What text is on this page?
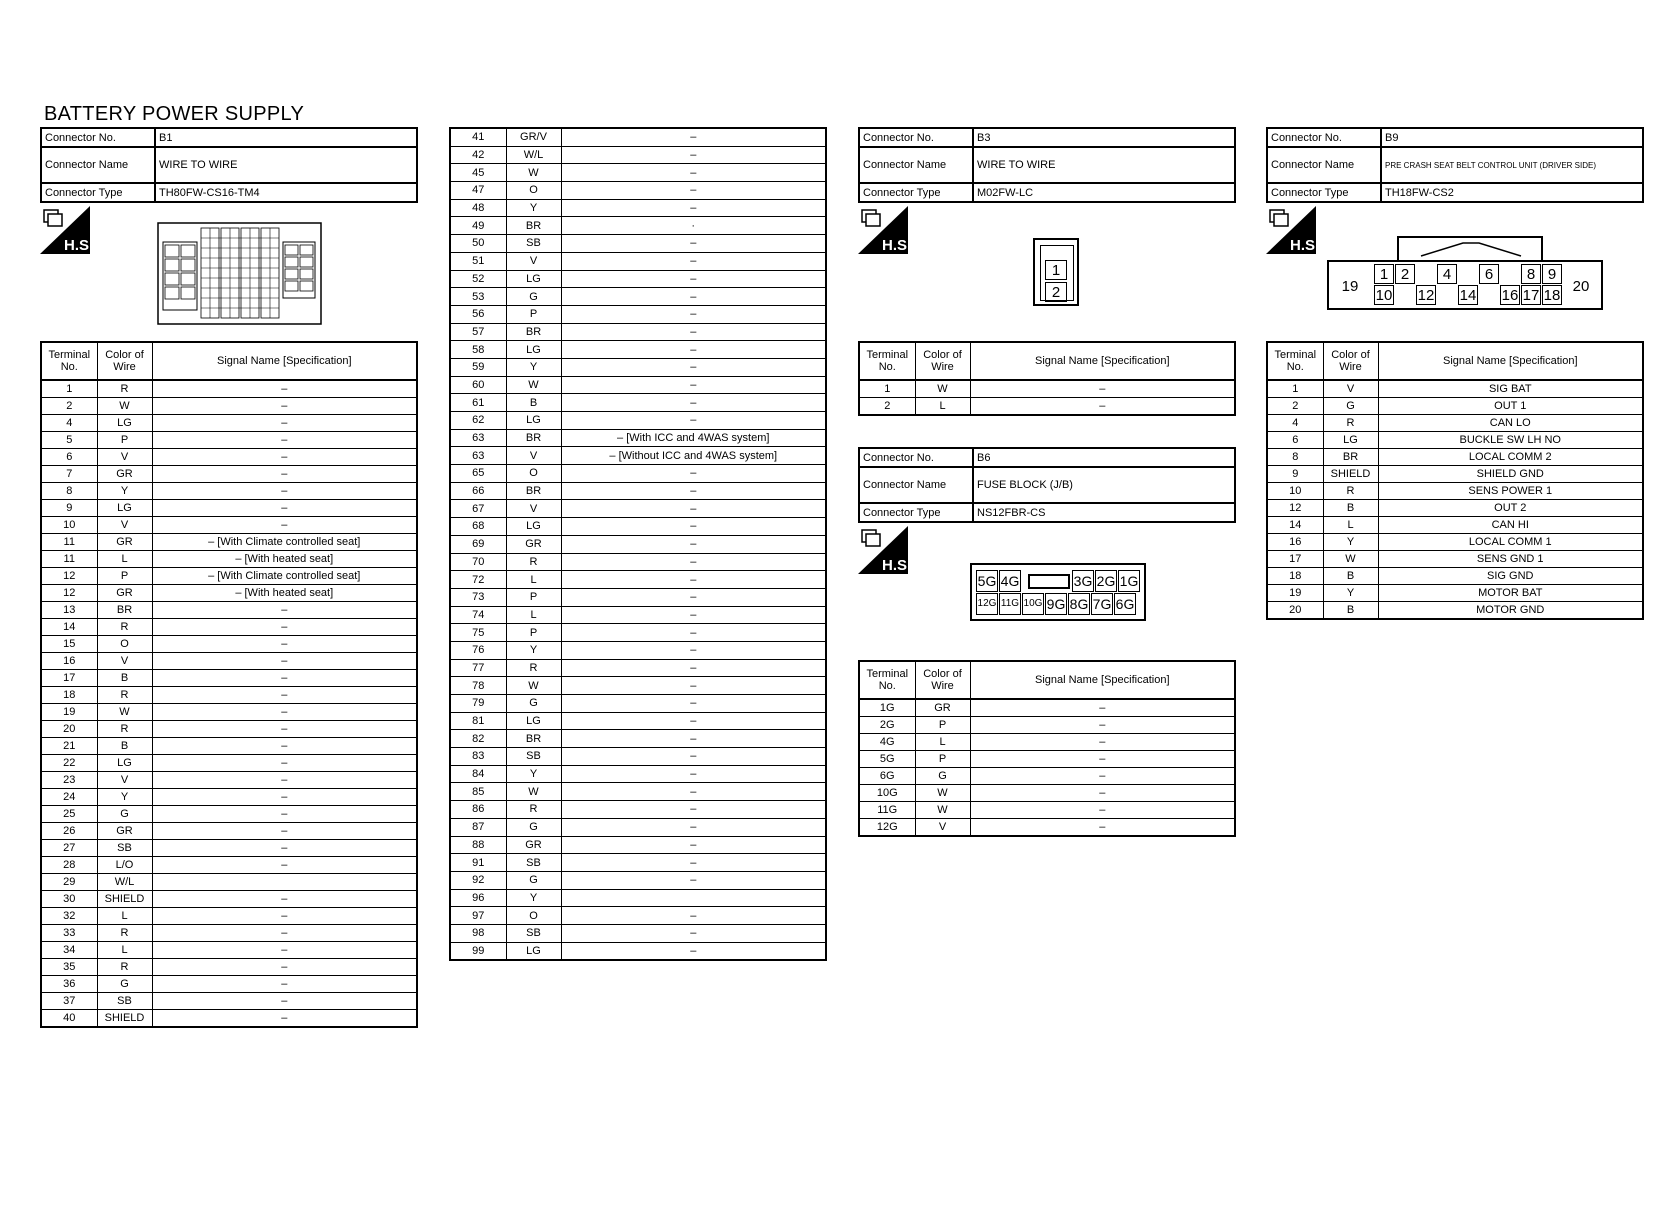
BATTERY POWER SUPPLY
Connector No.	B1
Connector Name	WIRE TO WIRE
Connector Type	TH80FW-CS16-TM4
H.S.
Terminal No.	Color of Wire	Signal Name [Specification]
1	R	–
2	W	–
4	LG	–
5	P	–
6	V	–
7	GR	–
8	Y	–
9	LG	–
10	V	–
11	GR	– [With Climate controlled seat]
11	L	– [With heated seat]
12	P	– [With Climate controlled seat]
12	GR	– [With heated seat]
13	BR	–
14	R	–
15	O	–
16	V	–
17	B	–
18	R	–
19	W	–
20	R	–
21	B	–
22	LG	–
23	V	–
24	Y	–
25	G	–
26	GR	–
27	SB	–
28	L/O	–
29	W/L	
30	SHIELD	–
32	L	–
33	R	–
34	L	–
35	R	–
36	G	–
37	SB	–
40	SHIELD	–
41	GR/V	–
42	W/L	–
45	W	–
47	O	–
48	Y	–
49	BR	·
50	SB	–
51	V	–
52	LG	–
53	G	–
56	P	–
57	BR	–
58	LG	–
59	Y	–
60	W	–
61	B	–
62	LG	–
63	BR	– [With ICC and 4WAS system]
63	V	– [Without ICC and 4WAS system]
65	O	–
66	BR	–
67	V	–
68	LG	–
69	GR	–
70	R	–
72	L	–
73	P	–
74	L	–
75	P	–
76	Y	–
77	R	–
78	W	–
79	G	–
81	LG	–
82	BR	–
83	SB	–
84	Y	–
85	W	–
86	R	–
87	G	–
88	GR	–
91	SB	–
92	G	–
96	Y	
97	O	–
98	SB	–
99	LG	–
Connector No.	B3
Connector Name	WIRE TO WIRE
Connector Type	M02FW-LC
H.S.
1
2
Terminal No.	Color of Wire	Signal Name [Specification]
1	W	–
2	L	–
Connector No.	B6
Connector Name	FUSE BLOCK (J/B)
Connector Type	NS12FBR-CS
H.S.
5G 4G	3G 2G 1G
12G 11G 10G 9G 8G 7G 6G
Terminal No.	Color of Wire	Signal Name [Specification]
1G	GR	–
2G	P	–
4G	L	–
5G	P	–
6G	G	–
10G	W	–
11G	W	–
12G	V	–
Connector No.	B9
Connector Name	PRE CRASH SEAT BELT CONTROL UNIT (DRIVER SIDE)
Connector Type	TH18FW-CS2
H.S.
1 2	4	6	8 9
19
10 12 14 16 17 18
20
Terminal No.	Color of Wire	Signal Name [Specification]
1	V	SIG BAT
2	G	OUT 1
4	R	CAN LO
6	LG	BUCKLE SW LH NO
8	BR	LOCAL COMM 2
9	SHIELD	SHIELD GND
10	R	SENS POWER 1
12	B	OUT 2
14	L	CAN HI
16	Y	LOCAL COMM 1
17	W	SENS GND 1
18	B	SIG GND
19	Y	MOTOR BAT
20	B	MOTOR GND
